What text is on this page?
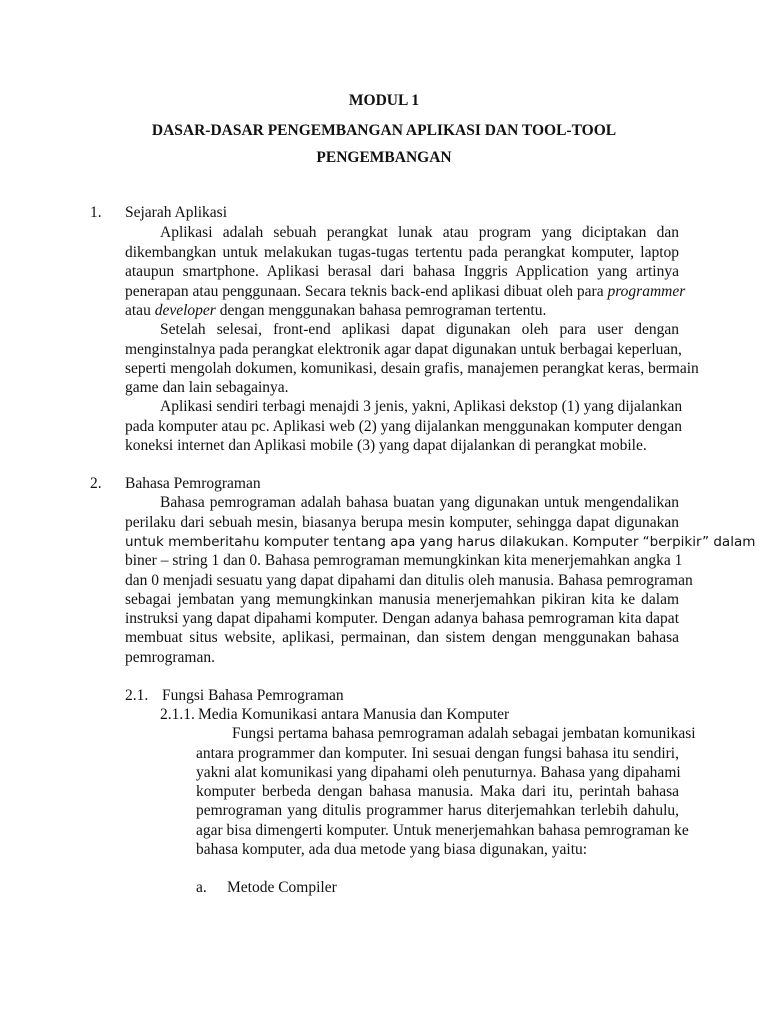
MODUL 1
DASAR-DASAR PENGEMBANGAN APLIKASI DAN TOOL-TOOL
PENGEMBANGAN
1. Sejarah Aplikasi
Aplikasi adalah sebuah perangkat lunak atau program yang diciptakan dan
dikembangkan untuk melakukan tugas-tugas tertentu pada perangkat komputer, laptop
ataupun smartphone. Aplikasi berasal dari bahasa Inggris Application yang artinya
penerapan atau penggunaan. Secara teknis back-end aplikasi dibuat oleh para programmer
atau developer dengan menggunakan bahasa pemrograman tertentu.
Setelah selesai, front-end aplikasi dapat digunakan oleh para user dengan
menginstalnya pada perangkat elektronik agar dapat digunakan untuk berbagai keperluan,
seperti mengolah dokumen, komunikasi, desain grafis, manajemen perangkat keras, bermain
game dan lain sebagainya.
Aplikasi sendiri terbagi menajdi 3 jenis, yakni, Aplikasi dekstop (1) yang dijalankan
pada komputer atau pc. Aplikasi web (2) yang dijalankan menggunakan komputer dengan
koneksi internet dan Aplikasi mobile (3) yang dapat dijalankan di perangkat mobile.
2. Bahasa Pemrograman
Bahasa pemrograman adalah bahasa buatan yang digunakan untuk mengendalikan
perilaku dari sebuah mesin, biasanya berupa mesin komputer, sehingga dapat digunakan
untuk memberitahu komputer tentang apa yang harus dilakukan. Komputer “berpikir” dalam
biner – string 1 dan 0. Bahasa pemrograman memungkinkan kita menerjemahkan angka 1
dan 0 menjadi sesuatu yang dapat dipahami dan ditulis oleh manusia. Bahasa pemrograman
sebagai jembatan yang memungkinkan manusia menerjemahkan pikiran kita ke dalam
instruksi yang dapat dipahami komputer. Dengan adanya bahasa pemrograman kita dapat
membuat situs website, aplikasi, permainan, dan sistem dengan menggunakan bahasa
pemrograman.
2.1. Fungsi Bahasa Pemrograman
2.1.1. Media Komunikasi antara Manusia dan Komputer
Fungsi pertama bahasa pemrograman adalah sebagai jembatan komunikasi
antara programmer dan komputer. Ini sesuai dengan fungsi bahasa itu sendiri,
yakni alat komunikasi yang dipahami oleh penuturnya. Bahasa yang dipahami
komputer berbeda dengan bahasa manusia. Maka dari itu, perintah bahasa
pemrograman yang ditulis programmer harus diterjemahkan terlebih dahulu,
agar bisa dimengerti komputer. Untuk menerjemahkan bahasa pemrograman ke
bahasa komputer, ada dua metode yang biasa digunakan, yaitu:
a. Metode Compiler
